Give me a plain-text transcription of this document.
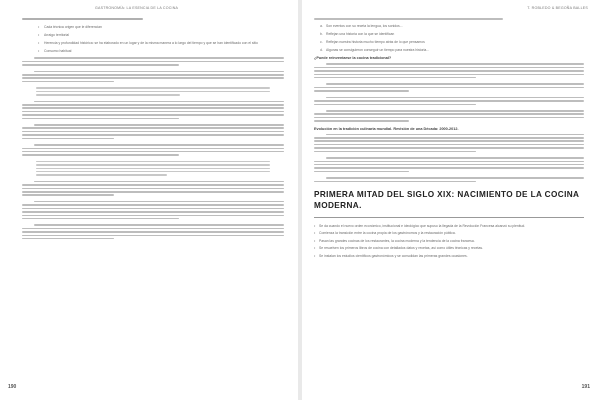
GASTRONOMÍA: LA ESENCIA DE LA COCINA
•	Cada técnica origen que le diferencian
•	Arraigo territorial
•	Herencia y profundidad histórica: se ha elaborado en un lugar y de la misma manera a lo largo del tiempo y que se han identificado con el sitio
•	Consumo habitual
190
T. ROBLEDO & BEGOÑA BALLES
a. Son eventos con su receta la lengua, los sonidos...
b. Reflejan una historia con la que se identifican
c. Reflejan nuestra historia mucho tiempo atrás de lo que pensamos
d. Algunas se consiguieron conseguir un tiempo para nuestra historia...
¿Puede reinventarse la cocina tradicional?
Evolución en la tradición culinaria mundial. Revisión de una Década: 2000-2012.
PRIMERA MITAD DEL SIGLO XIX: NACIMIENTO DE LA COCINA MODERNA.
•	Se da cuando el nuevo orden económico, institucional e ideológico que supuso la llegada de la Revolución Francesa alcanzó su plenitud.
•	Comienza la transición entre la cocina propia de los gastrónomos y la restauración pública.
•	Pasan las grandes cocinas de los restaurantes, la cocina moderna y la tendencia de la cocina francesa.
•	Se resuelven los primeros libros de cocina con detallados datos y recetas, así como útiles técnicas y recetas.
•	Se instalan los estudios científicos gastronómicos y se consolidan las primeras grandes ocasiones.
191
